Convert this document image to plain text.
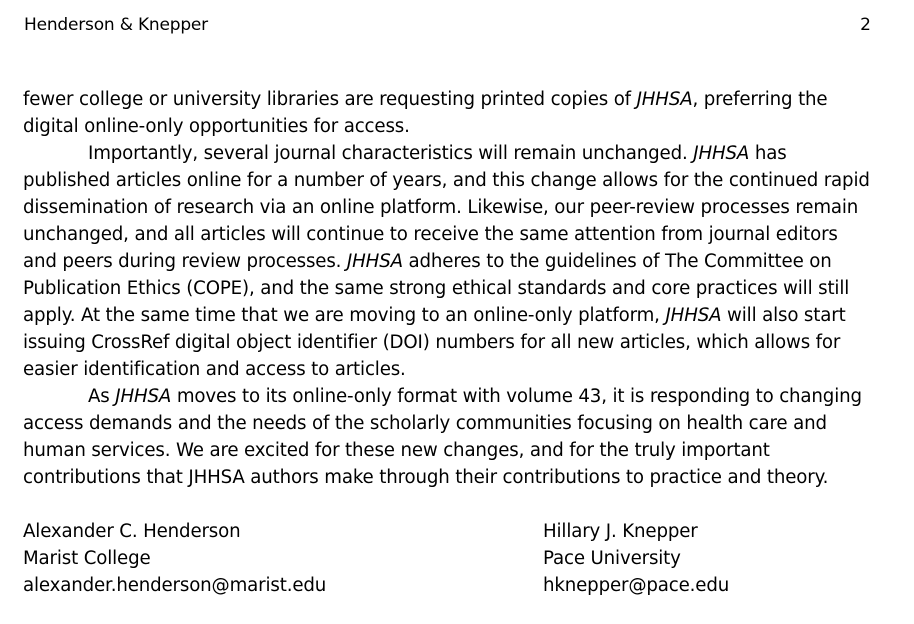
Henderson & Knepper	2

fewer college or university libraries are requesting printed copies of JHHSA, preferring the digital online-only opportunities for access.

Importantly, several journal characteristics will remain unchanged. JHHSA has published articles online for a number of years, and this change allows for the continued rapid dissemination of research via an online platform. Likewise, our peer-review processes remain unchanged, and all articles will continue to receive the same attention from journal editors and peers during review processes. JHHSA adheres to the guidelines of The Committee on Publication Ethics (COPE), and the same strong ethical standards and core practices will still apply. At the same time that we are moving to an online-only platform, JHHSA will also start issuing CrossRef digital object identifier (DOI) numbers for all new articles, which allows for easier identification and access to articles.

As JHHSA moves to its online-only format with volume 43, it is responding to changing access demands and the needs of the scholarly communities focusing on health care and human services. We are excited for these new changes, and for the truly important contributions that JHHSA authors make through their contributions to practice and theory.

Alexander C. Henderson
Marist College
alexander.henderson@marist.edu
Hillary J. Knepper
Pace University
hknepper@pace.edu
